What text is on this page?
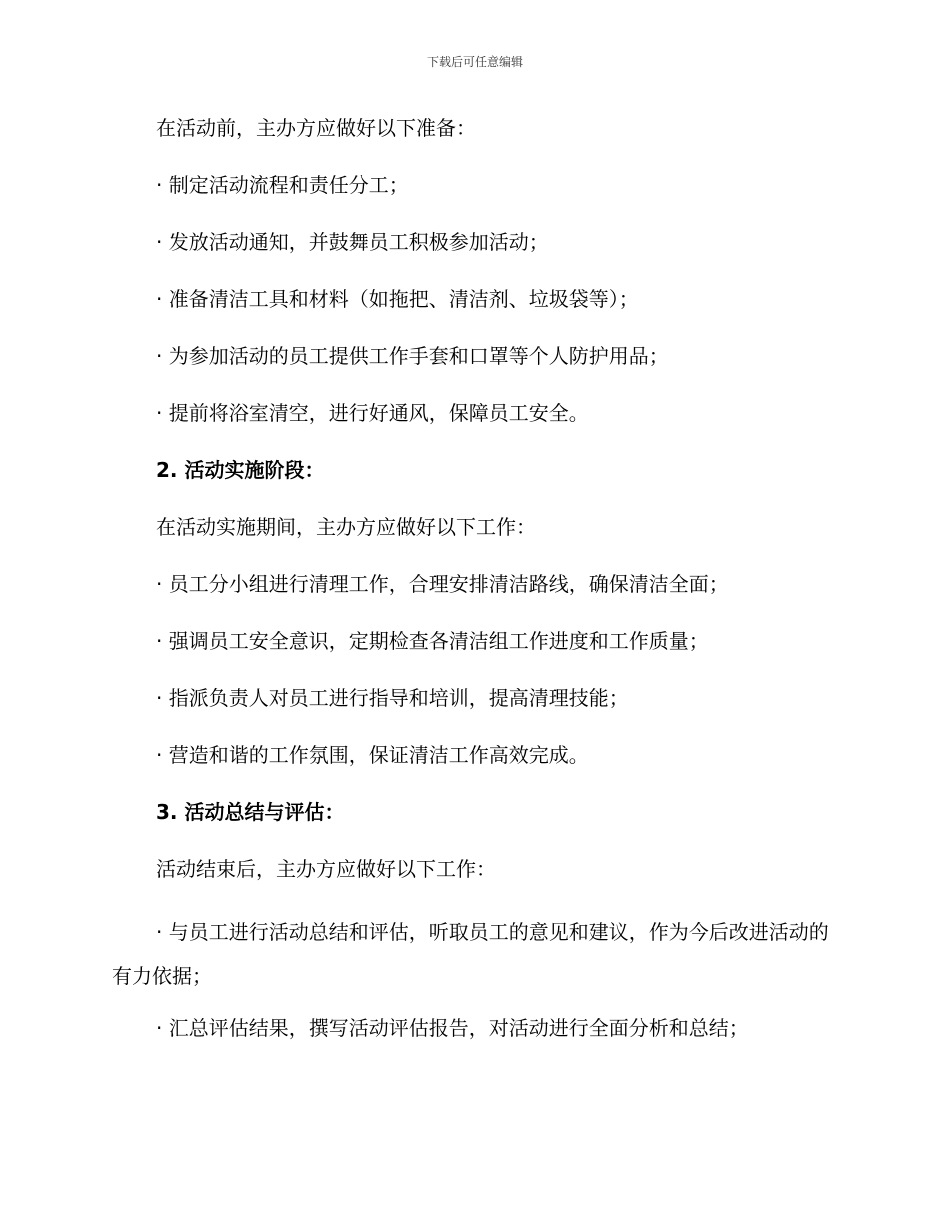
下载后可任意编辑

在活动前，主办方应做好以下准备：

· 制定活动流程和责任分工；

· 发放活动通知，并鼓舞员工积极参加活动；

· 准备清洁工具和材料（如拖把、清洁剂、垃圾袋等）；

· 为参加活动的员工提供工作手套和口罩等个人防护用品；

· 提前将浴室清空，进行好通风，保障员工安全。

2. 活动实施阶段：

在活动实施期间，主办方应做好以下工作：

· 员工分小组进行清理工作，合理安排清洁路线，确保清洁全面；

· 强调员工安全意识，定期检查各清洁组工作进度和工作质量；

· 指派负责人对员工进行指导和培训，提高清理技能；

· 营造和谐的工作氛围，保证清洁工作高效完成。

3. 活动总结与评估：

活动结束后，主办方应做好以下工作：

· 与员工进行活动总结和评估，听取员工的意见和建议，作为今后改进活动的有力依据；

· 汇总评估结果，撰写活动评估报告，对活动进行全面分析和总结；
